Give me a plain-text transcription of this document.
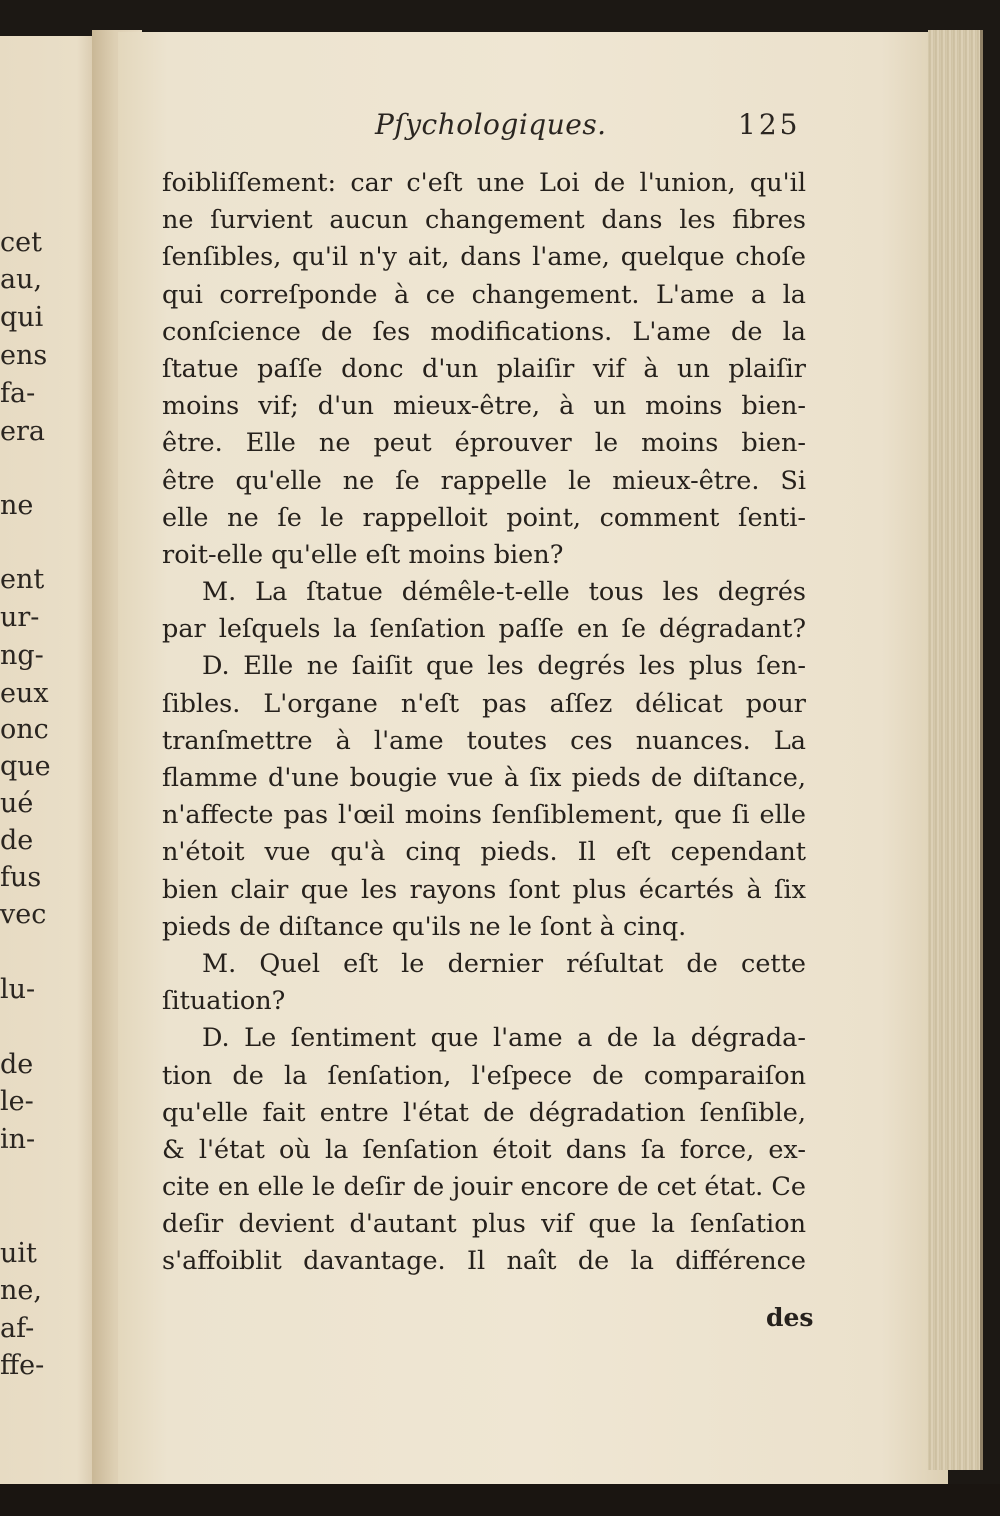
cet
au,
qui
ens
fa-
era
ne
ent
ur-
ng-
eux
onc
que
ué
de
fus
vec
lu-
de
le-
in-
uit
ne,
af-
ffe-
Pſychologiques.	125
foibliſſement: car c'eſt une Loi de l'union, qu'il
ne ſurvient aucun changement dans les fibres
ſenſibles, qu'il n'y ait, dans l'ame, quelque choſe
qui correſponde à ce changement. L'ame a la
conſcience de ſes modifications. L'ame de la
ſtatue paſſe donc d'un plaiſir vif à un plaiſir
moins vif; d'un mieux-être, à un moins bien-
être. Elle ne peut éprouver le moins bien-
être qu'elle ne ſe rappelle le mieux-être. Si
elle ne ſe le rappelloit point, comment ſenti-
roit-elle qu'elle eſt moins bien?
M. La ſtatue démêle-t-elle tous les degrés
par leſquels la ſenſation paſſe en ſe dégradant?
D. Elle ne ſaiſit que les degrés les plus ſen-
ſibles. L'organe n'eſt pas aſſez délicat pour
tranſmettre à l'ame toutes ces nuances. La
flamme d'une bougie vue à ſix pieds de diſtance,
n'affecte pas l'œil moins ſenſiblement, que ſi elle
n'étoit vue qu'à cinq pieds. Il eſt cependant
bien clair que les rayons ſont plus écartés à ſix
pieds de diſtance qu'ils ne le ſont à cinq.
M. Quel eſt le dernier réſultat de cette
ſituation?
D. Le ſentiment que l'ame a de la dégrada-
tion de la ſenſation, l'eſpece de comparaiſon
qu'elle fait entre l'état de dégradation ſenſible,
& l'état où la ſenſation étoit dans ſa force, ex-
cite en elle le deſir de jouir encore de cet état. Ce
deſir devient d'autant plus vif que la ſenſation
s'affoiblit davantage. Il naît de la différence
des
